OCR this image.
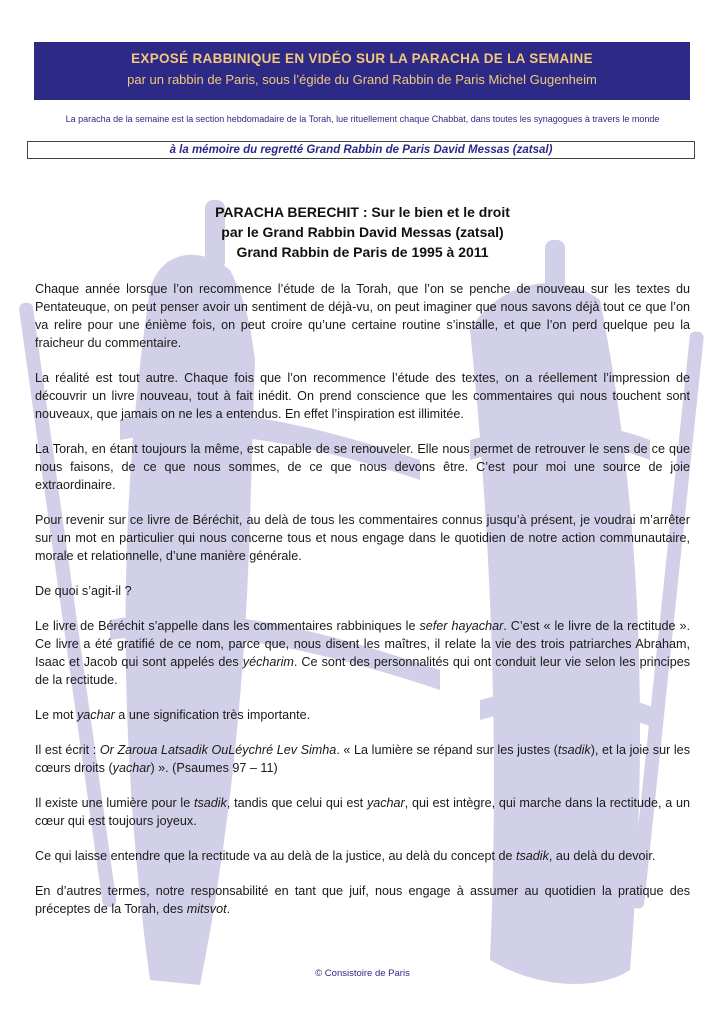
EXPOSÉ RABBINIQUE EN VIDÉO SUR LA PARACHA DE LA SEMAINE
par un rabbin de Paris, sous l’égide du Grand Rabbin de Paris Michel Gugenheim
La paracha de la semaine est la section hebdomadaire de la Torah, lue rituellement chaque Chabbat, dans toutes les synagogues à travers le monde
à la mémoire du regretté Grand Rabbin de Paris David Messas (zatsal)
PARACHA BERECHIT : Sur le bien et le droit
par le Grand Rabbin David Messas (zatsal)
Grand Rabbin de Paris de 1995 à 2011

Chaque année lorsque l’on recommence l’étude de la Torah, que l’on se penche de nouveau sur les textes du Pentateuque, on peut penser avoir un sentiment de déjà-vu, on peut imaginer que nous savons déjà tout ce que l’on va relire pour une énième fois, on peut croire qu’une certaine routine s’installe, et que l’on perd quelque peu la fraicheur du commentaire.

La réalité est tout autre. Chaque fois que l’on recommence l’étude des textes, on a réellement l’impression de découvrir un livre nouveau, tout à fait inédit. On prend conscience que les commentaires qui nous touchent sont nouveaux, que jamais on ne les a entendus. En effet l’inspiration est illimitée.

La Torah, en étant toujours la même, est capable de se renouveler. Elle nous permet de retrouver le sens de ce que nous faisons, de ce que nous sommes, de ce que nous devons être. C’est pour moi une source de joie extraordinaire.

Pour revenir sur ce livre de Béréchit, au delà de tous les commentaires connus jusqu’à présent, je voudrai m’arrêter sur un mot en particulier qui nous concerne tous et nous engage dans le quotidien de notre action communautaire, morale et relationnelle, d’une manière générale.

De quoi s’agit-il ?

Le livre de Béréchit s’appelle dans les commentaires rabbiniques le sefer hayachar. C’est « le livre de la rectitude ». Ce livre a été gratifié de ce nom, parce que, nous disent les maîtres, il relate la vie des trois patriarches Abraham, Isaac et Jacob qui sont appelés des yécharim. Ce sont des personnalités qui ont conduit leur vie selon les principes de la rectitude.

Le mot yachar a une signification très importante.

Il est écrit : Or Zaroua Latsadik OuLéychré Lev Simha. « La lumière se répand sur les justes (tsadik), et la joie sur les cœurs droits (yachar) ». (Psaumes 97 – 11)

Il existe une lumière pour le tsadik, tandis que celui qui est yachar, qui est intègre, qui marche dans la rectitude, a un cœur qui est toujours joyeux.

Ce qui laisse entendre que la rectitude va au delà de la justice, au delà du concept de tsadik, au delà du devoir.

En d’autres termes, notre responsabilité en tant que juif, nous engage à assumer au quotidien la pratique des préceptes de la Torah, des mitsvot.

© Consistoire de Paris
